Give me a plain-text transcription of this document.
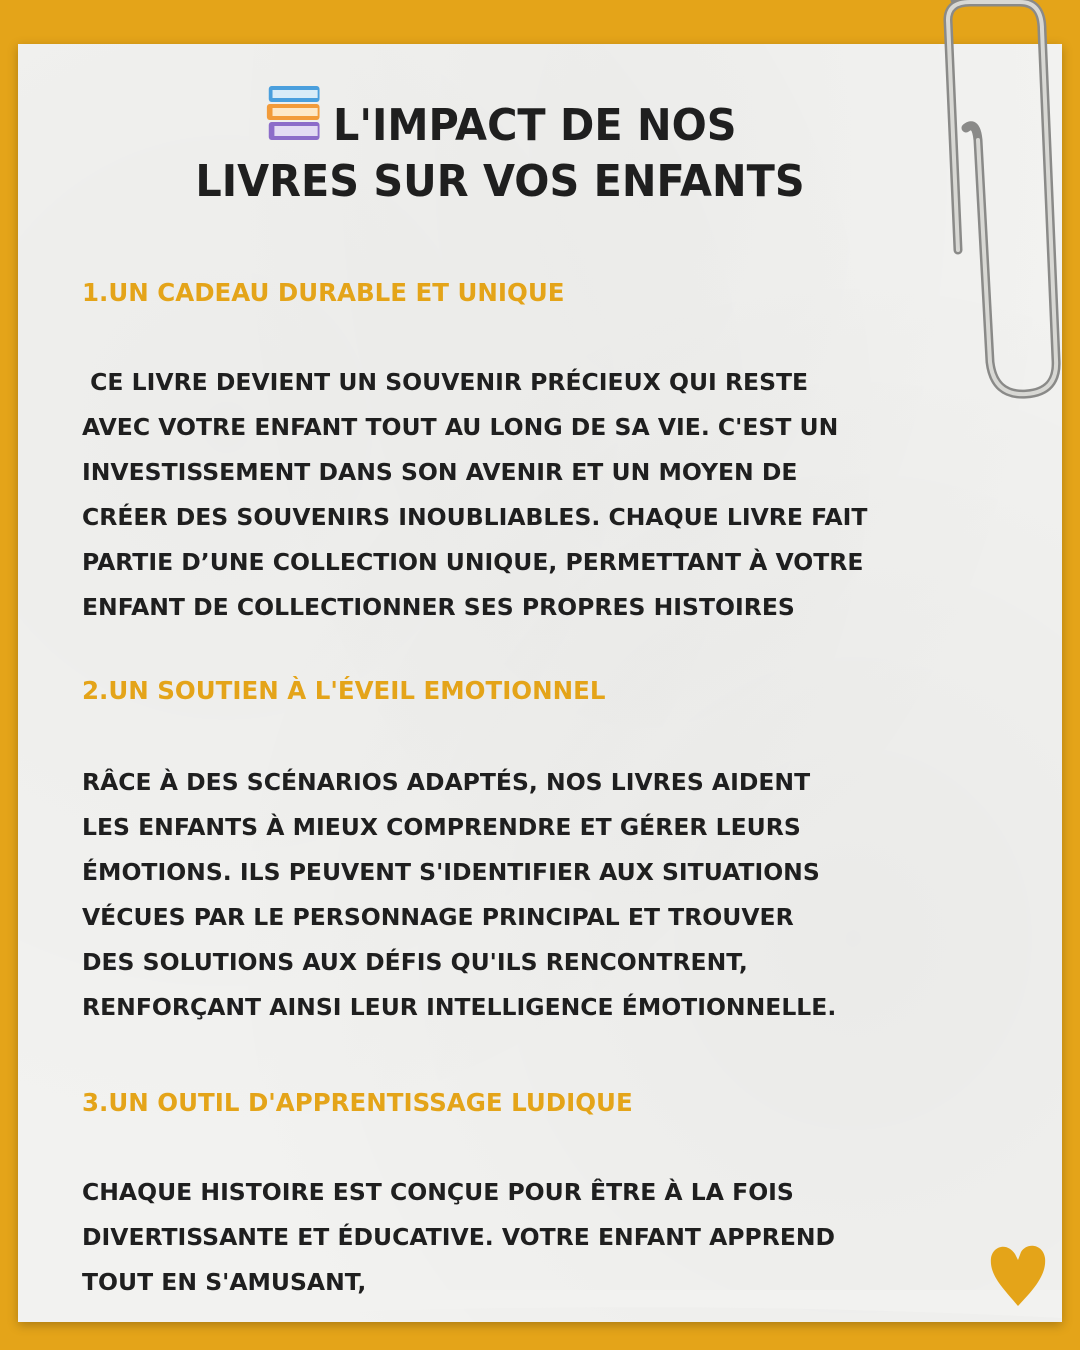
L'IMPACT DE NOS
LIVRES SUR VOS ENFANTS
1.UN CADEAU DURABLE ET UNIQUE
CE LIVRE DEVIENT UN SOUVENIR PRÉCIEUX QUI RESTE
AVEC VOTRE ENFANT TOUT AU LONG DE SA VIE. C'EST UN
INVESTISSEMENT DANS SON AVENIR ET UN MOYEN DE
CRÉER DES SOUVENIRS INOUBLIABLES. CHAQUE LIVRE FAIT
PARTIE D’UNE COLLECTION UNIQUE, PERMETTANT À VOTRE
ENFANT DE COLLECTIONNER SES PROPRES HISTOIRES
2.UN SOUTIEN À L'ÉVEIL EMOTIONNEL
RÂCE À DES SCÉNARIOS ADAPTÉS, NOS LIVRES AIDENT
LES ENFANTS À MIEUX COMPRENDRE ET GÉRER LEURS
ÉMOTIONS. ILS PEUVENT S'IDENTIFIER AUX SITUATIONS
VÉCUES PAR LE PERSONNAGE PRINCIPAL ET TROUVER
DES SOLUTIONS AUX DÉFIS QU'ILS RENCONTRENT,
RENFORÇANT AINSI LEUR INTELLIGENCE ÉMOTIONNELLE.
3.UN OUTIL D'APPRENTISSAGE LUDIQUE
CHAQUE HISTOIRE EST CONÇUE POUR ÊTRE À LA FOIS
DIVERTISSANTE ET ÉDUCATIVE. VOTRE ENFANT APPREND
TOUT EN S'AMUSANT,
